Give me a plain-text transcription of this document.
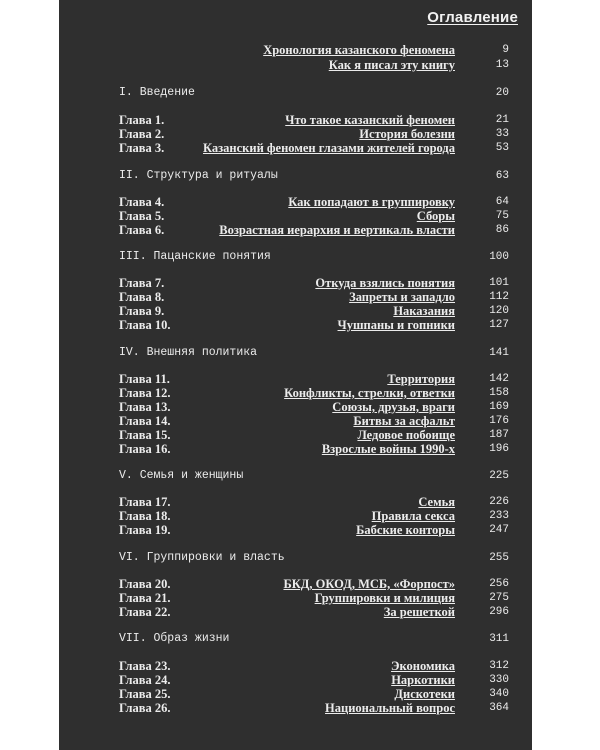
Оглавление
Хронология казанского феномена	9
Как я писал эту книгу	13
I. Введение	20
Глава 1.	Что такое казанский феномен	21
Глава 2.	История болезни	33
Глава 3.	Казанский феномен глазами жителей города	53
II. Структура и ритуалы	63
Глава 4.	Как попадают в группировку	64
Глава 5.	Сборы	75
Глава 6.	Возрастная иерархия и вертикаль власти	86
III. Пацанские понятия	100
Глава 7.	Откуда взялись понятия	101
Глава 8.	Запреты и западло	112
Глава 9.	Наказания	120
Глава 10.	Чушпаны и гопники	127
IV. Внешняя политика	141
Глава 11.	Территория	142
Глава 12.	Конфликты, стрелки, ответки	158
Глава 13.	Союзы, друзья, враги	169
Глава 14.	Битвы за асфальт	176
Глава 15.	Ледовое побоище	187
Глава 16.	Взрослые войны 1990-х	196
V. Семья и женщины	225
Глава 17.	Семья	226
Глава 18.	Правила секса	233
Глава 19.	Бабские конторы	247
VI. Группировки и власть	255
Глава 20.	БКД, ОКОД, МСБ, «Форпост»	256
Глава 21.	Группировки и милиция	275
Глава 22.	За решеткой	296
VII. Образ жизни	311
Глава 23.	Экономика	312
Глава 24.	Наркотики	330
Глава 25.	Дискотеки	340
Глава 26.	Национальный вопрос	364
